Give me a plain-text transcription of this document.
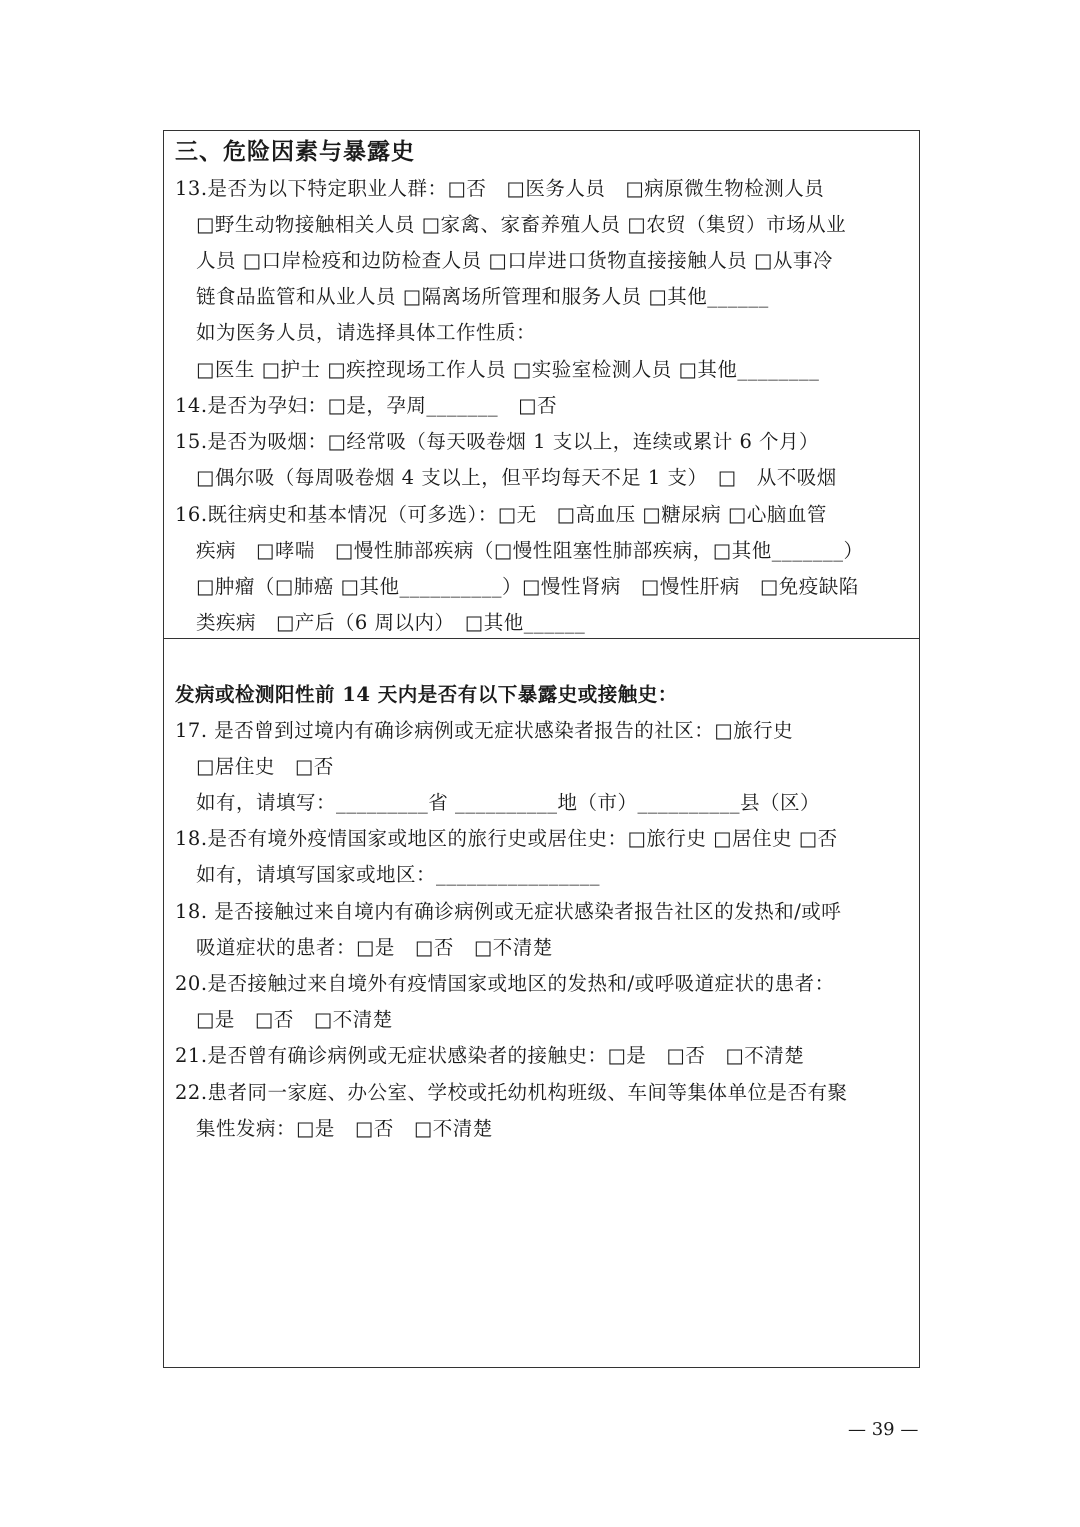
三、危险因素与暴露史
13.是否为以下特定职业人群：□否　□医务人员　□病原微生物检测人员
□野生动物接触相关人员 □家禽、家畜养殖人员 □农贸（集贸）市场从业
人员 □口岸检疫和边防检查人员 □口岸进口货物直接接触人员 □从事冷
链食品监管和从业人员 □隔离场所管理和服务人员 □其他______
如为医务人员，请选择具体工作性质：
□医生 □护士 □疾控现场工作人员 □实验室检测人员 □其他________
14.是否为孕妇：□是，孕周_______　□否
15.是否为吸烟：□经常吸（每天吸卷烟 1 支以上，连续或累计 6 个月）
□偶尔吸（每周吸卷烟 4 支以上，但平均每天不足 1 支）　□　从不吸烟
16.既往病史和基本情况（可多选）：□无　□高血压 □糖尿病 □心脑血管
疾病　□哮喘　□慢性肺部疾病（□慢性阻塞性肺部疾病，□其他_______）
□肿瘤（□肺癌 □其他__________）□慢性肾病　□慢性肝病　□免疫缺陷
类疾病　□产后（6 周以内）　□其他______
发病或检测阳性前 14 天内是否有以下暴露史或接触史：
17. 是否曾到过境内有确诊病例或无症状感染者报告的社区：□旅行史
□居住史　□否
如有，请填写：_________省 __________地（市）__________县（区）
18.是否有境外疫情国家或地区的旅行史或居住史：□旅行史 □居住史 □否
如有，请填写国家或地区：________________
18. 是否接触过来自境内有确诊病例或无症状感染者报告社区的发热和/或呼
吸道症状的患者：□是　□否　□不清楚
20.是否接触过来自境外有疫情国家或地区的发热和/或呼吸道症状的患者：
□是　□否　□不清楚
21.是否曾有确诊病例或无症状感染者的接触史：□是　□否　□不清楚
22.患者同一家庭、办公室、学校或托幼机构班级、车间等集体单位是否有聚
集性发病：□是　□否　□不清楚
— 39 —
